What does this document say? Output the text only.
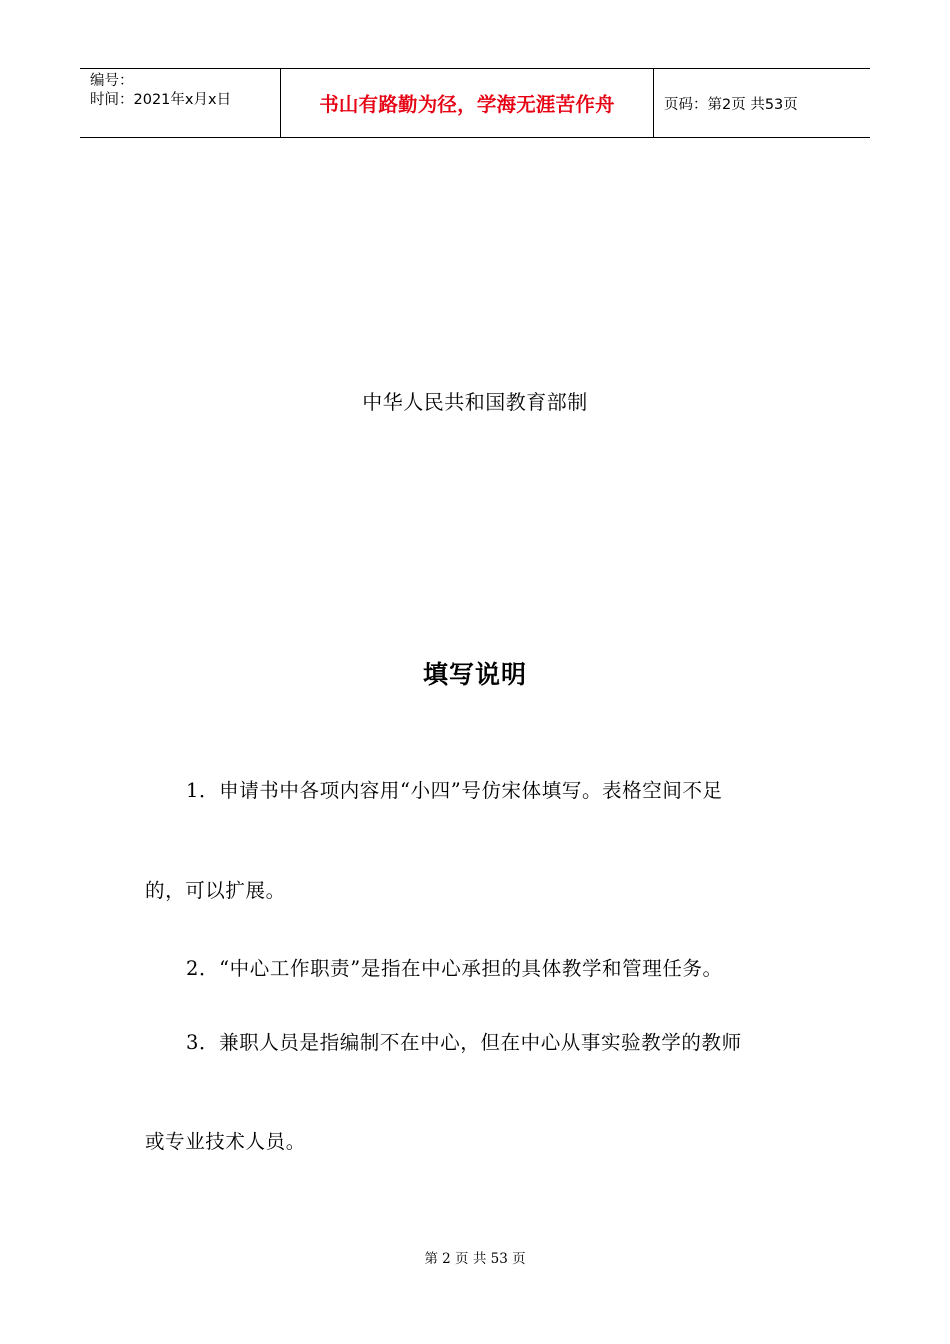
编号：
时间：2021年x月x日	书山有路勤为径，学海无涯苦作舟	页码：第2页 共53页
中华人民共和国教育部制
填写说明
1．申请书中各项内容用“小四”号仿宋体填写。表格空间不足
的，可以扩展。
2．“中心工作职责”是指在中心承担的具体教学和管理任务。
3．兼职人员是指编制不在中心，但在中心从事实验教学的教师
或专业技术人员。
第 2 页 共 53 页
